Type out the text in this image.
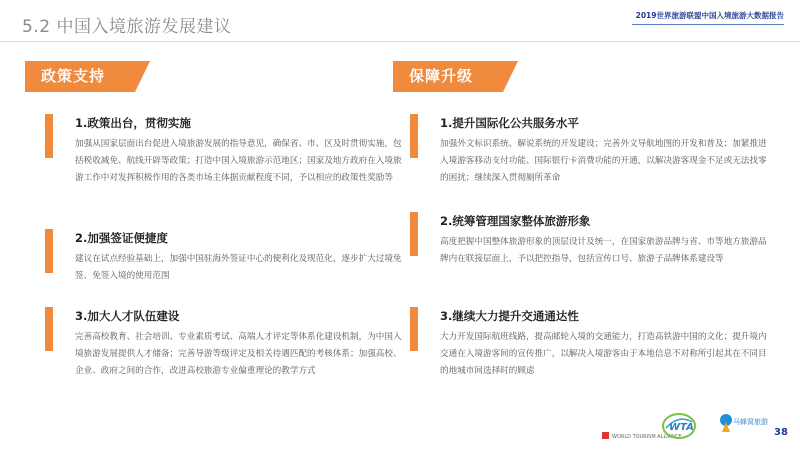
5.2 中国入境旅游发展建议
2019世界旅游联盟中国入境旅游大数据报告
政策支持	保障升级
1.政策出台，贯彻实施
加强从国家层面出台促进入境旅游发展的指导意见，确保省、市、区及时贯彻实施，包括税收减免、航线开辟等政策；打造中国入境旅游示范地区；国家及地方政府在入境旅游工作中对发挥积极作用的各类市场主体据贡献程度不同，予以相应的政策性奖励等
2.加强签证便捷度
建议在试点经验基础上，加强中国驻海外签证中心的便利化及规范化，逐步扩大过境免签、免签入境的使用范围
3.加大人才队伍建设
完善高校教育、社会培训、专业素质考试、高端人才评定等体系化建设机制，为中国入境旅游发展提供人才储备；完善导游等级评定及相关待遇匹配的考核体系；加强高校、企业、政府之间的合作，改进高校旅游专业偏重理论的教学方式
1.提升国际化公共服务水平
加强外文标识系统、解说系统的开发建设；完善外文导航地图的开发和普及；加紧推进入境游客移动支付功能、国际银行卡消费功能的开通，以解决游客现金不足或无法找零的困扰；继续深入贯彻厕所革命
2.统筹管理国家整体旅游形象
高度把握中国整体旅游形象的顶层设计及统一，在国家旅游品牌与省、市等地方旅游品牌内在联接层面上，予以把控指导，包括宣传口号、旅游子品牌体系建设等
3.继续大力提升交通通达性
大力开发国际航班线路，提高邮轮入境的交通能力，打造高铁游中国的文化；提升境内交通在入境游客间的宣传推广，以解决入境游客由于本地信息不对称所引起其在不同目的地城市间选择时的顾虑
WORLD TOURISM ALLIANCE
WTA	马蜂窝旅游
38
